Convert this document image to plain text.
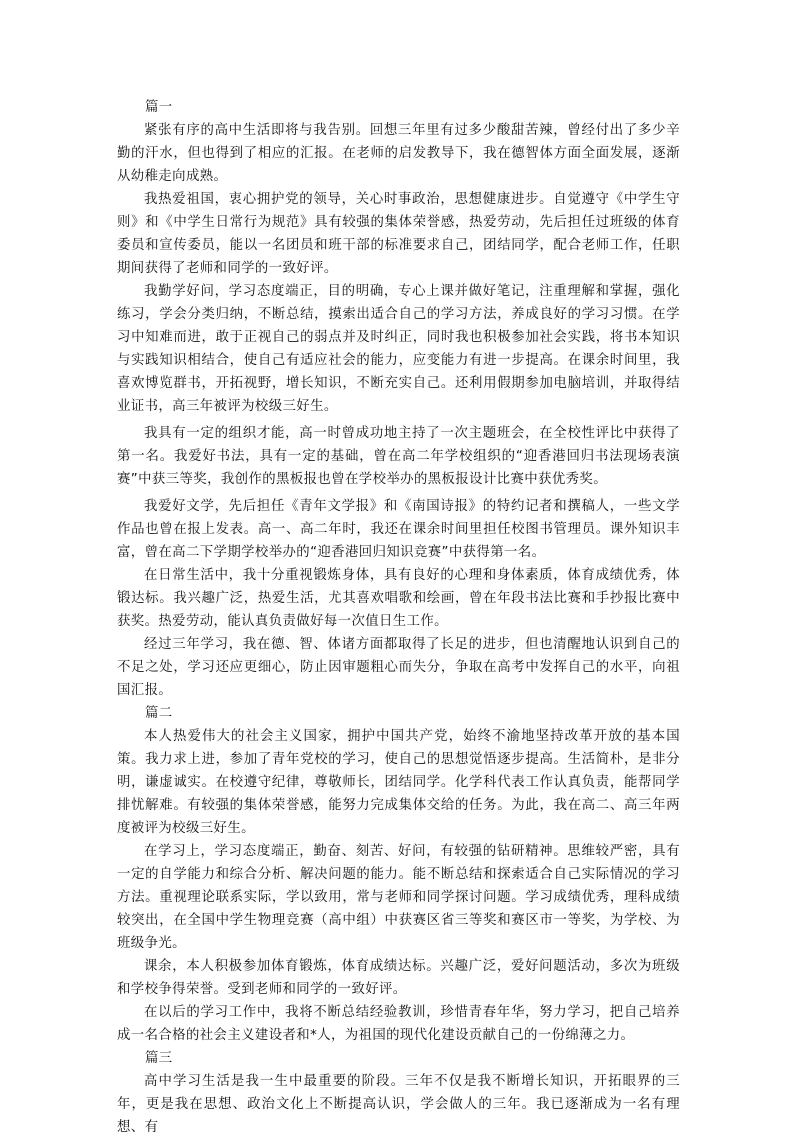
篇一

紧张有序的高中生活即将与我告别。回想三年里有过多少酸甜苦辣，曾经付出了多少辛勤的汗水，但也得到了相应的汇报。在老师的启发教导下，我在德智体方面全面发展，逐渐从幼稚走向成熟。

我热爱祖国，衷心拥护党的领导，关心时事政治，思想健康进步。自觉遵守《中学生守则》和《中学生日常行为规范》具有较强的集体荣誉感，热爱劳动，先后担任过班级的体育委员和宣传委员，能以一名团员和班干部的标准要求自己，团结同学，配合老师工作，任职期间获得了老师和同学的一致好评。

我勤学好问，学习态度端正，目的明确，专心上课并做好笔记，注重理解和掌握，强化练习，学会分类归纳，不断总结，摸索出适合自己的学习方法，养成良好的学习习惯。在学习中知难而进，敢于正视自己的弱点并及时纠正，同时我也积极参加社会实践，将书本知识与实践知识相结合，使自己有适应社会的能力，应变能力有进一步提高。在课余时间里，我喜欢博览群书，开拓视野，增长知识，不断充实自己。还利用假期参加电脑培训，并取得结业证书，高三年被评为校级三好生。

我具有一定的组织才能，高一时曾成功地主持了一次主题班会，在全校性评比中获得了第一名。我爱好书法，具有一定的基础，曾在高二年学校组织的“迎香港回归书法现场表演赛”中获三等奖，我创作的黑板报也曾在学校举办的黑板报设计比赛中获优秀奖。

我爱好文学，先后担任《青年文学报》和《南国诗报》的特约记者和撰稿人，一些文学作品也曾在报上发表。高一、高二年时，我还在课余时间里担任校图书管理员。课外知识丰富，曾在高二下学期学校举办的“迎香港回归知识竞赛”中获得第一名。

在日常生活中，我十分重视锻炼身体，具有良好的心理和身体素质，体育成绩优秀，体锻达标。我兴趣广泛，热爱生活，尤其喜欢唱歌和绘画，曾在年段书法比赛和手抄报比赛中获奖。热爱劳动，能认真负责做好每一次值日生工作。

经过三年学习，我在德、智、体诸方面都取得了长足的进步，但也清醒地认识到自己的不足之处，学习还应更细心，防止因审题粗心而失分，争取在高考中发挥自己的水平，向祖国汇报。

篇二

本人热爱伟大的社会主义国家，拥护中国共产党，始终不渝地坚持改革开放的基本国策。我力求上进，参加了青年党校的学习，使自己的思想觉悟逐步提高。生活简朴，是非分明，谦虚诚实。在校遵守纪律，尊敬师长，团结同学。化学科代表工作认真负责，能帮同学排忧解难。有较强的集体荣誉感，能努力完成集体交给的任务。为此，我在高二、高三年两度被评为校级三好生。

在学习上，学习态度端正，勤奋、刻苦、好问，有较强的钻研精神。思维较严密，具有一定的自学能力和综合分析、解决问题的能力。能不断总结和探索适合自己实际情况的学习方法。重视理论联系实际，学以致用，常与老师和同学探讨问题。学习成绩优秀，理科成绩较突出，在全国中学生物理竞赛（高中组）中获赛区省三等奖和赛区市一等奖，为学校、为班级争光。

课余，本人积极参加体育锻炼，体育成绩达标。兴趣广泛，爱好问题活动，多次为班级和学校争得荣誉。受到老师和同学的一致好评。

在以后的学习工作中，我将不断总结经验教训，珍惜青春年华，努力学习，把自己培养成一名合格的社会主义建设者和*人，为祖国的现代化建设贡献自己的一份绵薄之力。

篇三

高中学习生活是我一生中最重要的阶段。三年不仅是我不断增长知识，开拓眼界的三年，更是我在思想、政治文化上不断提高认识，学会做人的三年。我已逐渐成为一名有理想、有
